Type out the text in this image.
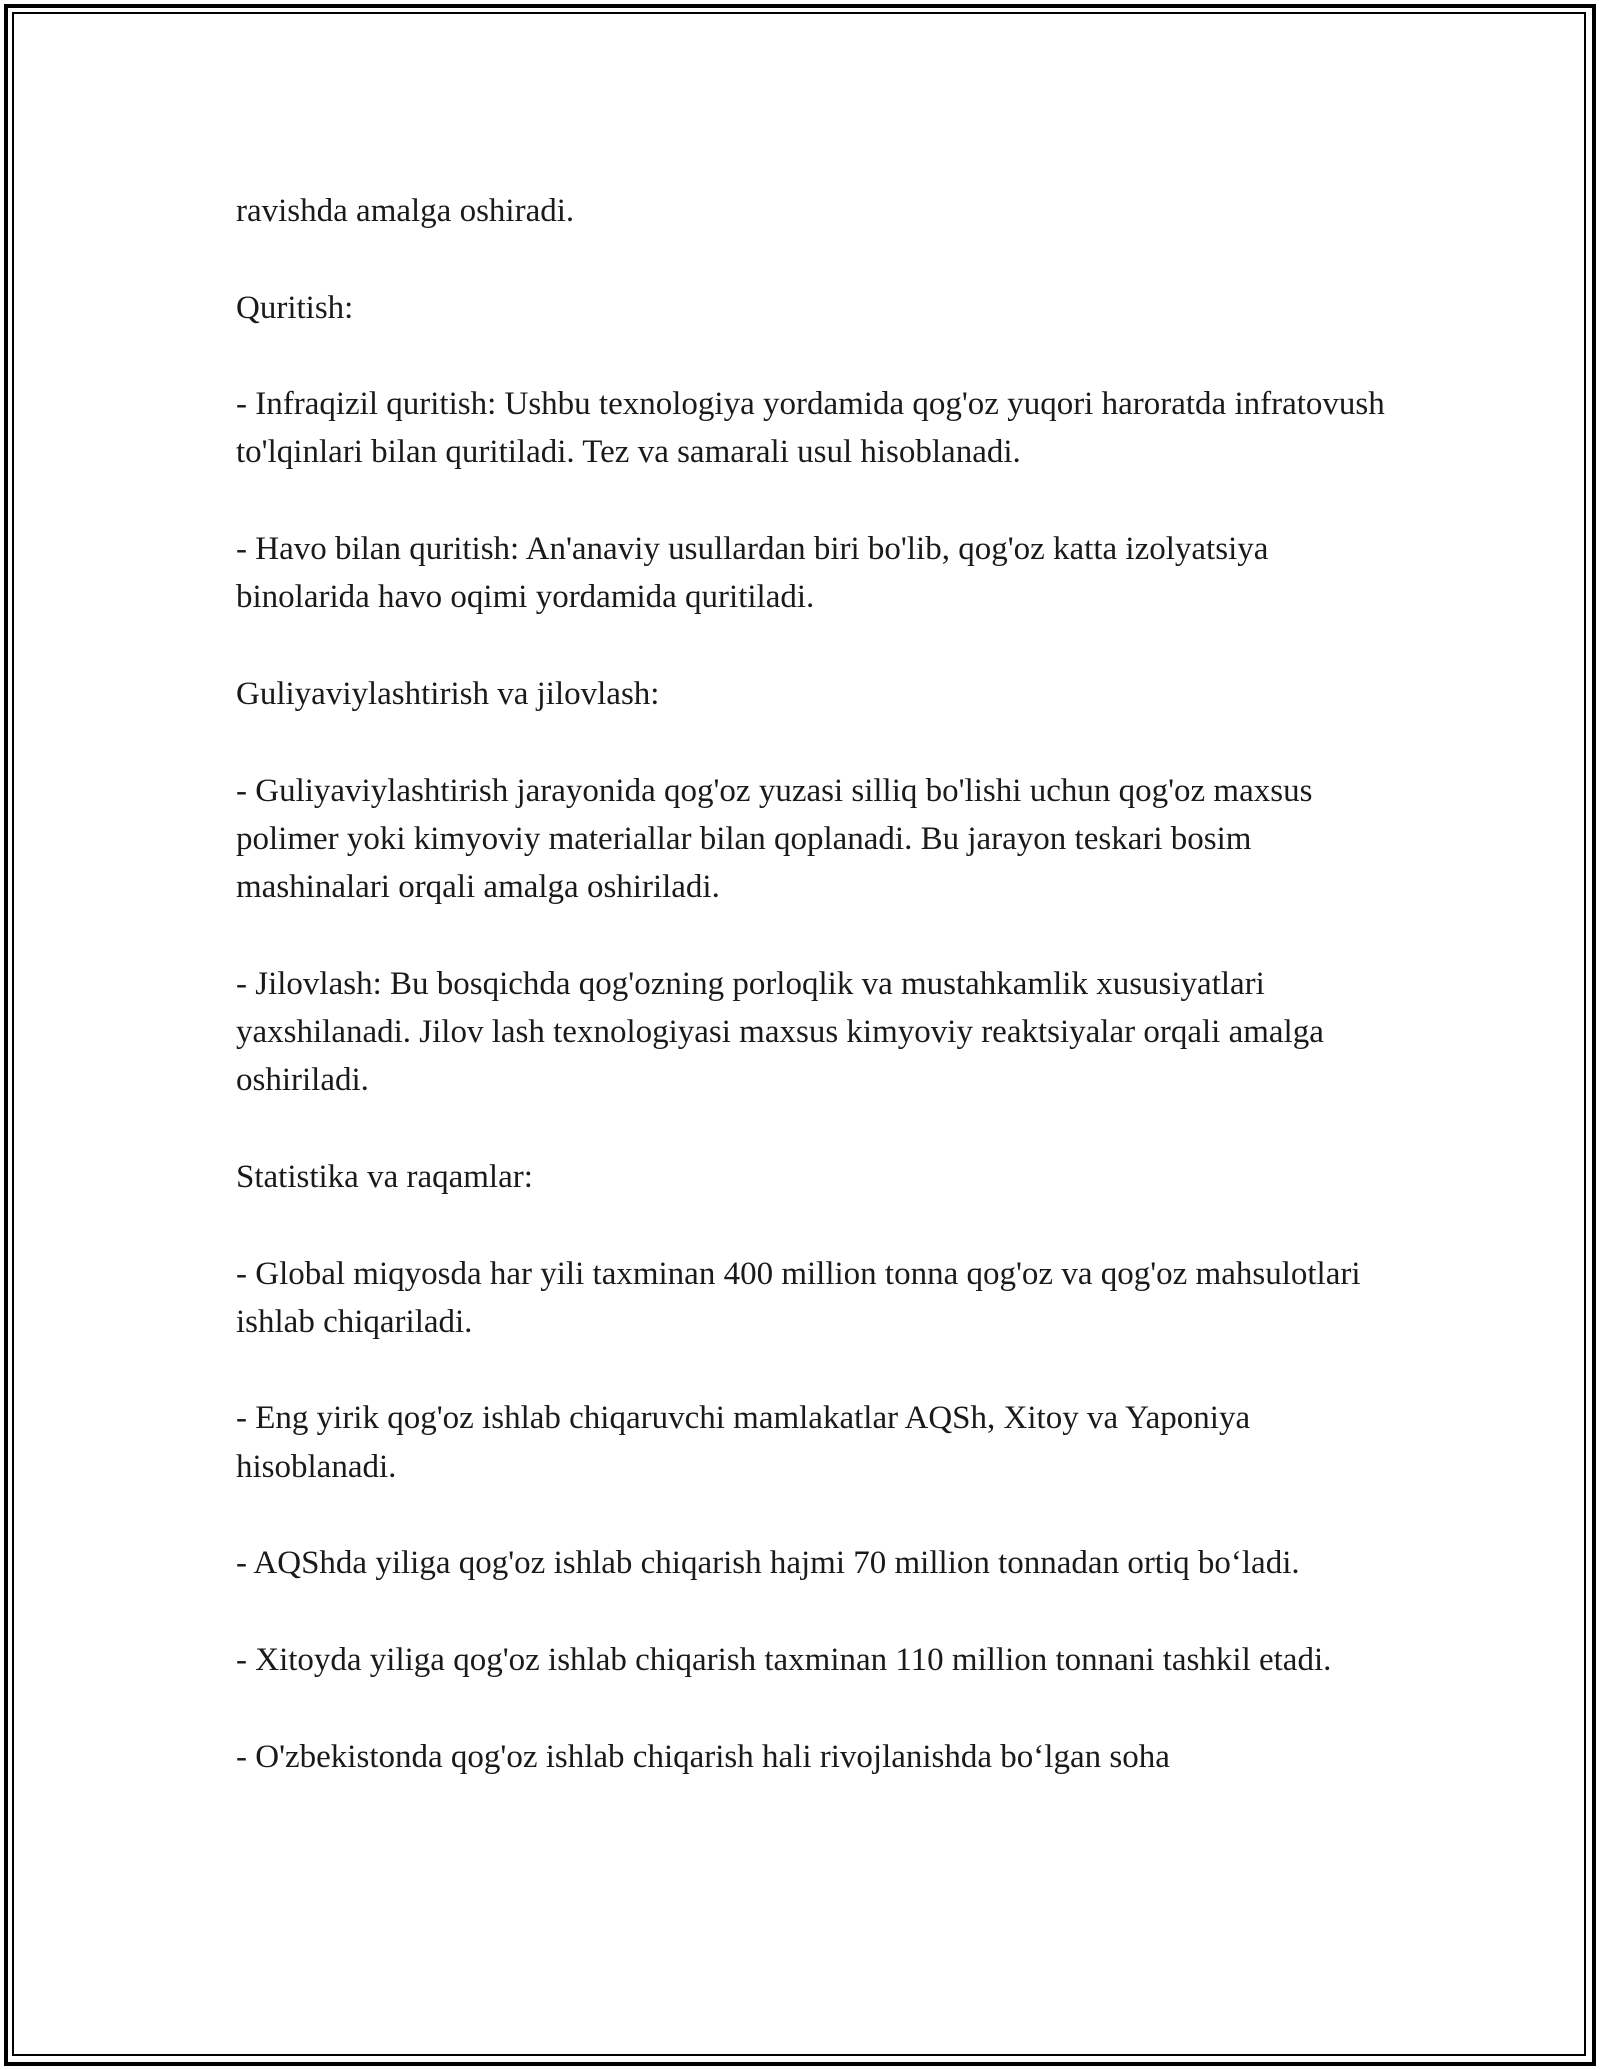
ravishda amalga oshiradi.

Quritish:

- Infraqizil quritish: Ushbu texnologiya yordamida qog'oz yuqori haroratda infratovush to'lqinlari bilan quritiladi. Tez va samarali usul hisoblanadi.

- Havo bilan quritish: An'anaviy usullardan biri bo'lib, qog'oz katta izolyatsiya binolarida havo oqimi yordamida quritiladi.

Guliyaviylashtirish va jilovlash:

- Guliyaviylashtirish jarayonida qog'oz yuzasi silliq bo'lishi uchun qog'oz maxsus polimer yoki kimyoviy materiallar bilan qoplanadi. Bu jarayon teskari bosim mashinalari orqali amalga oshiriladi.

- Jilovlash: Bu bosqichda qog'ozning porloqlik va mustahkamlik xususiyatlari yaxshilanadi. Jilov lash texnologiyasi maxsus kimyoviy reaktsiyalar orqali amalga oshiriladi.

Statistika va raqamlar:

- Global miqyosda har yili taxminan 400 million tonna qog'oz va qog'oz mahsulotlari ishlab chiqariladi.

- Eng yirik qog'oz ishlab chiqaruvchi mamlakatlar AQSh, Xitoy va Yaponiya hisoblanadi.

- AQShda yiliga qog'oz ishlab chiqarish hajmi 70 million tonnadan ortiq bo‘ladi.

- Xitoyda yiliga qog'oz ishlab chiqarish taxminan 110 million tonnani tashkil etadi.

- O'zbekistonda qog'oz ishlab chiqarish hali rivojlanishda bo‘lgan soha
